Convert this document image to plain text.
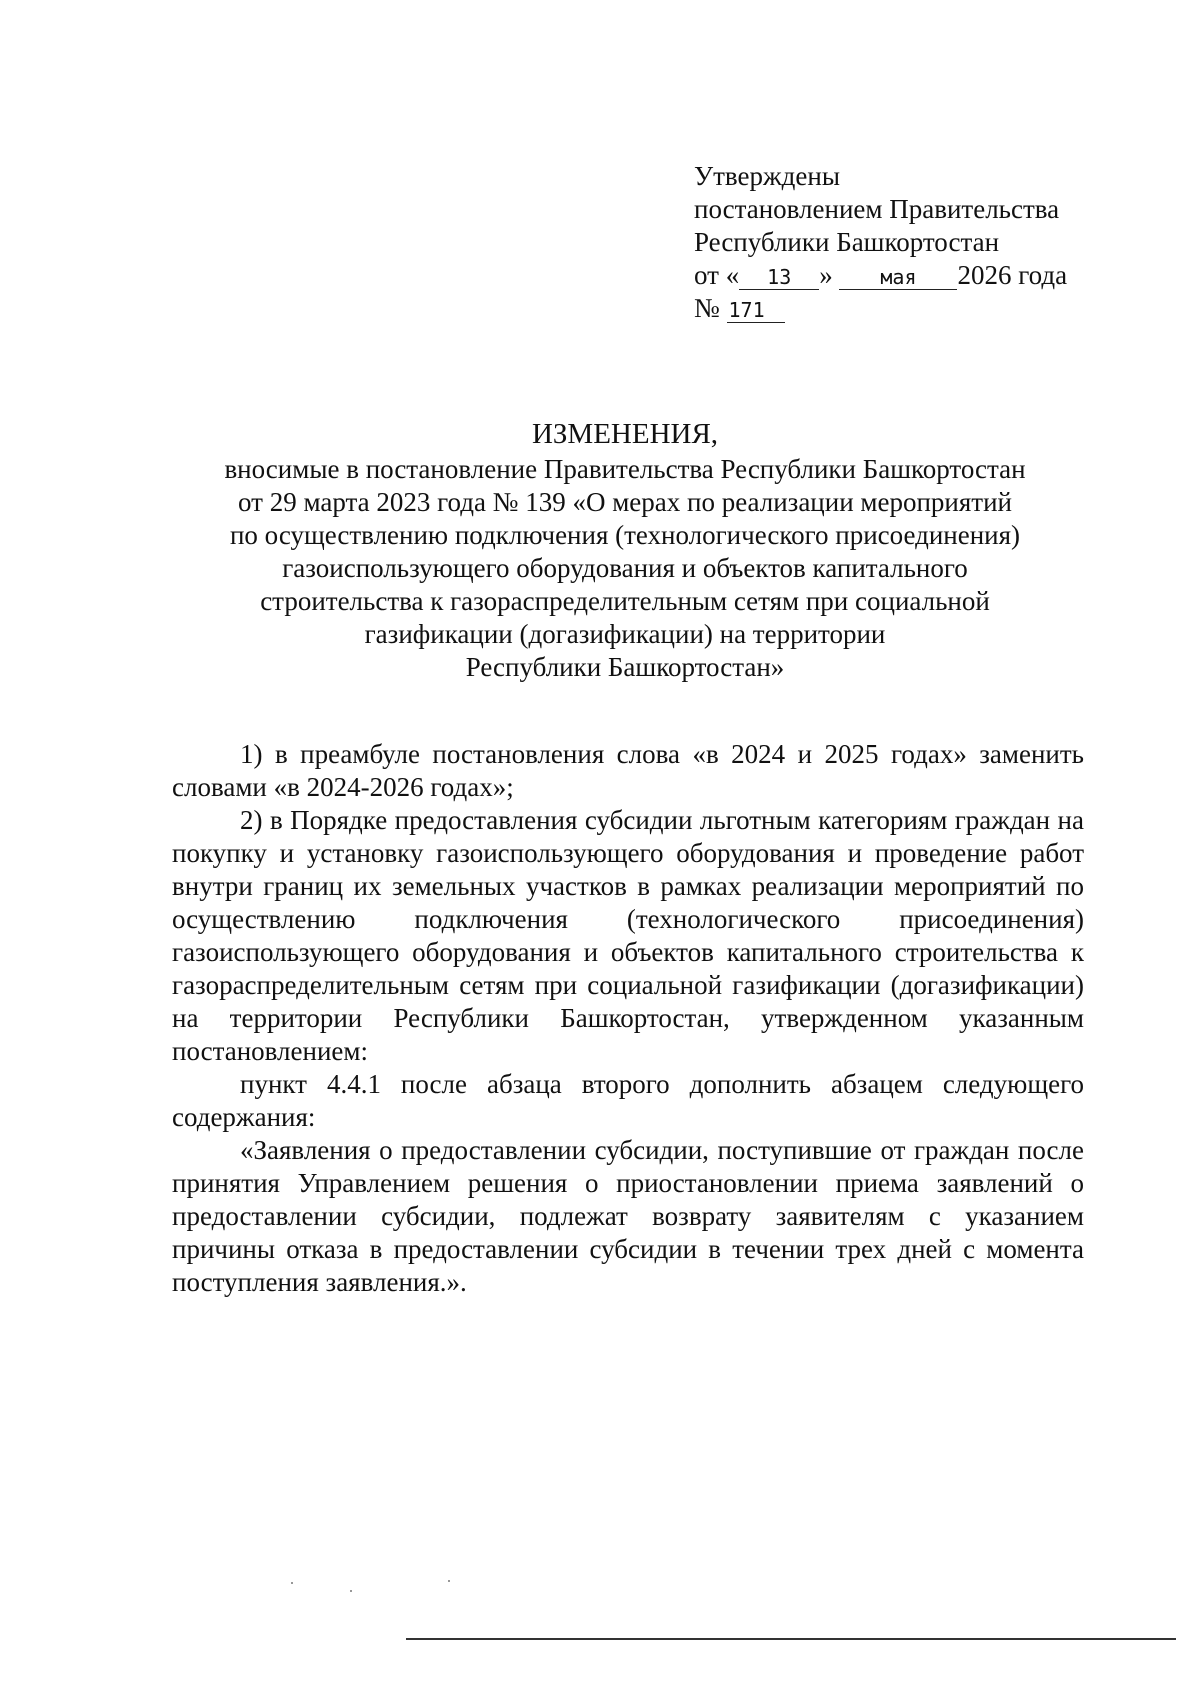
Утверждены
постановлением Правительства
Республики Башкортостан
от « 13 » мая 2026 года
№ 171
ИЗМЕНЕНИЯ,
вносимые в постановление Правительства Республики Башкортостан
от 29 марта 2023 года № 139 «О мерах по реализации мероприятий
по осуществлению подключения (технологического присоединения)
газоиспользующего оборудования и объектов капитального
строительства к газораспределительным сетям при социальной
газификации (догазификации) на территории
Республики Башкортостан»

1) в преамбуле постановления слова «в 2024 и 2025 годах» заменить словами «в 2024-2026 годах»;

2) в Порядке предоставления субсидии льготным категориям граждан на покупку и установку газоиспользующего оборудования и проведение работ внутри границ их земельных участков в рамках реализации мероприятий по осуществлению подключения (технологического присоединения) газоиспользующего оборудования и объектов капитального строительства к газораспределительным сетям при социальной газификации (догазификации) на территории Республики Башкортостан, утвержденном указанным постановлением:

пункт 4.4.1 после абзаца второго дополнить абзацем следующего содержания:

«Заявления о предоставлении субсидии, поступившие от граждан после принятия Управлением решения о приостановлении приема заявлений о предоставлении субсидии, подлежат возврату заявителям с указанием причины отказа в предоставлении субсидии в течении трех дней с момента поступления заявления.».
